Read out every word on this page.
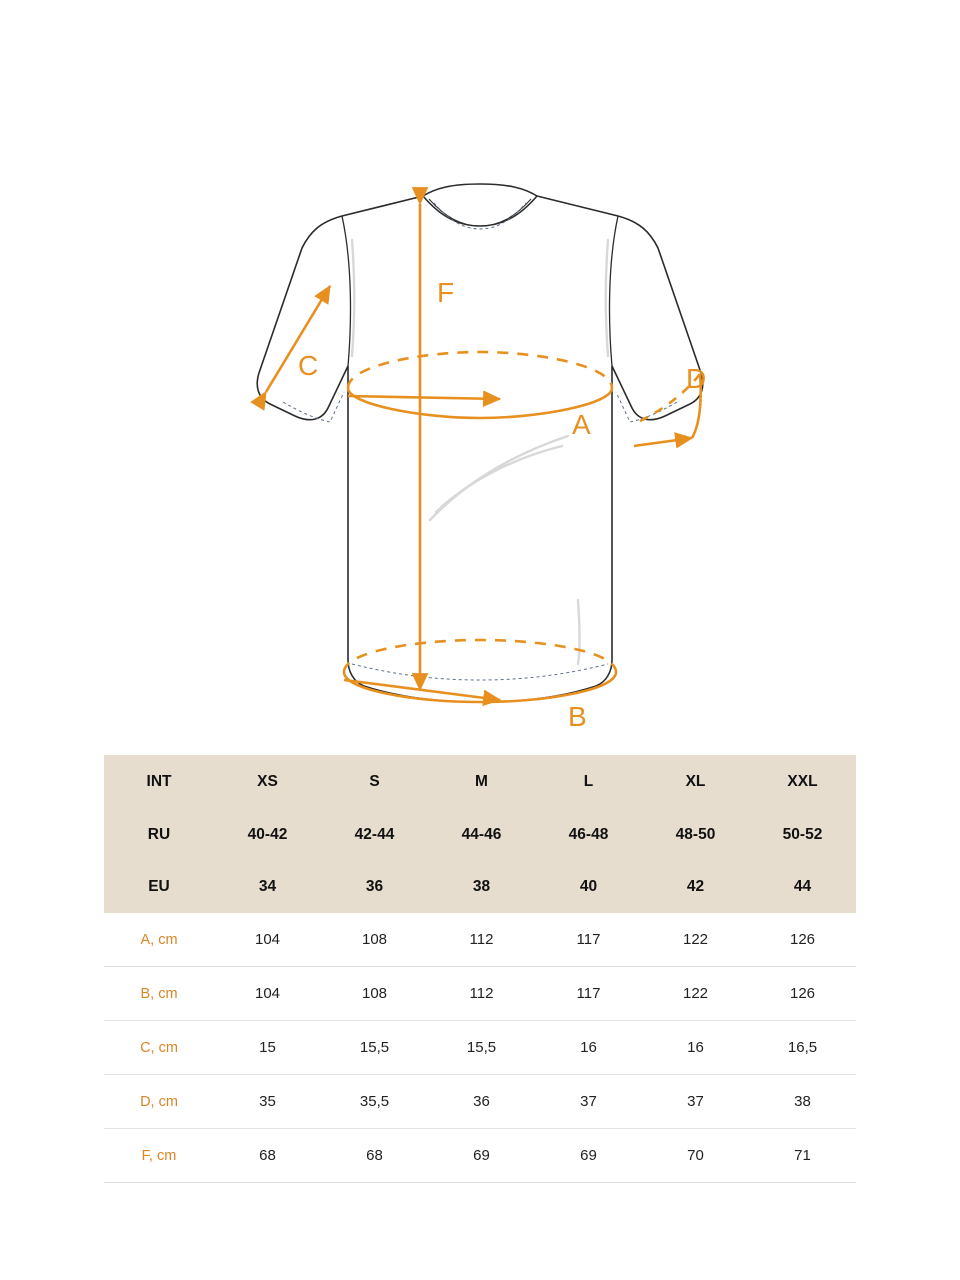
F
A
B
C	D
INT	XS	S	M	L	XL	XXL
RU	40-42	42-44	44-46	46-48	48-50	50-52
EU	34	36	38	40	42	44
A, cm	104	108	112	117	122	126
B, cm	104	108	112	117	122	126
C, cm	15	15,5	15,5	16	16	16,5
D, cm	35	35,5	36	37	37	38
F, cm	68	68	69	69	70	71
